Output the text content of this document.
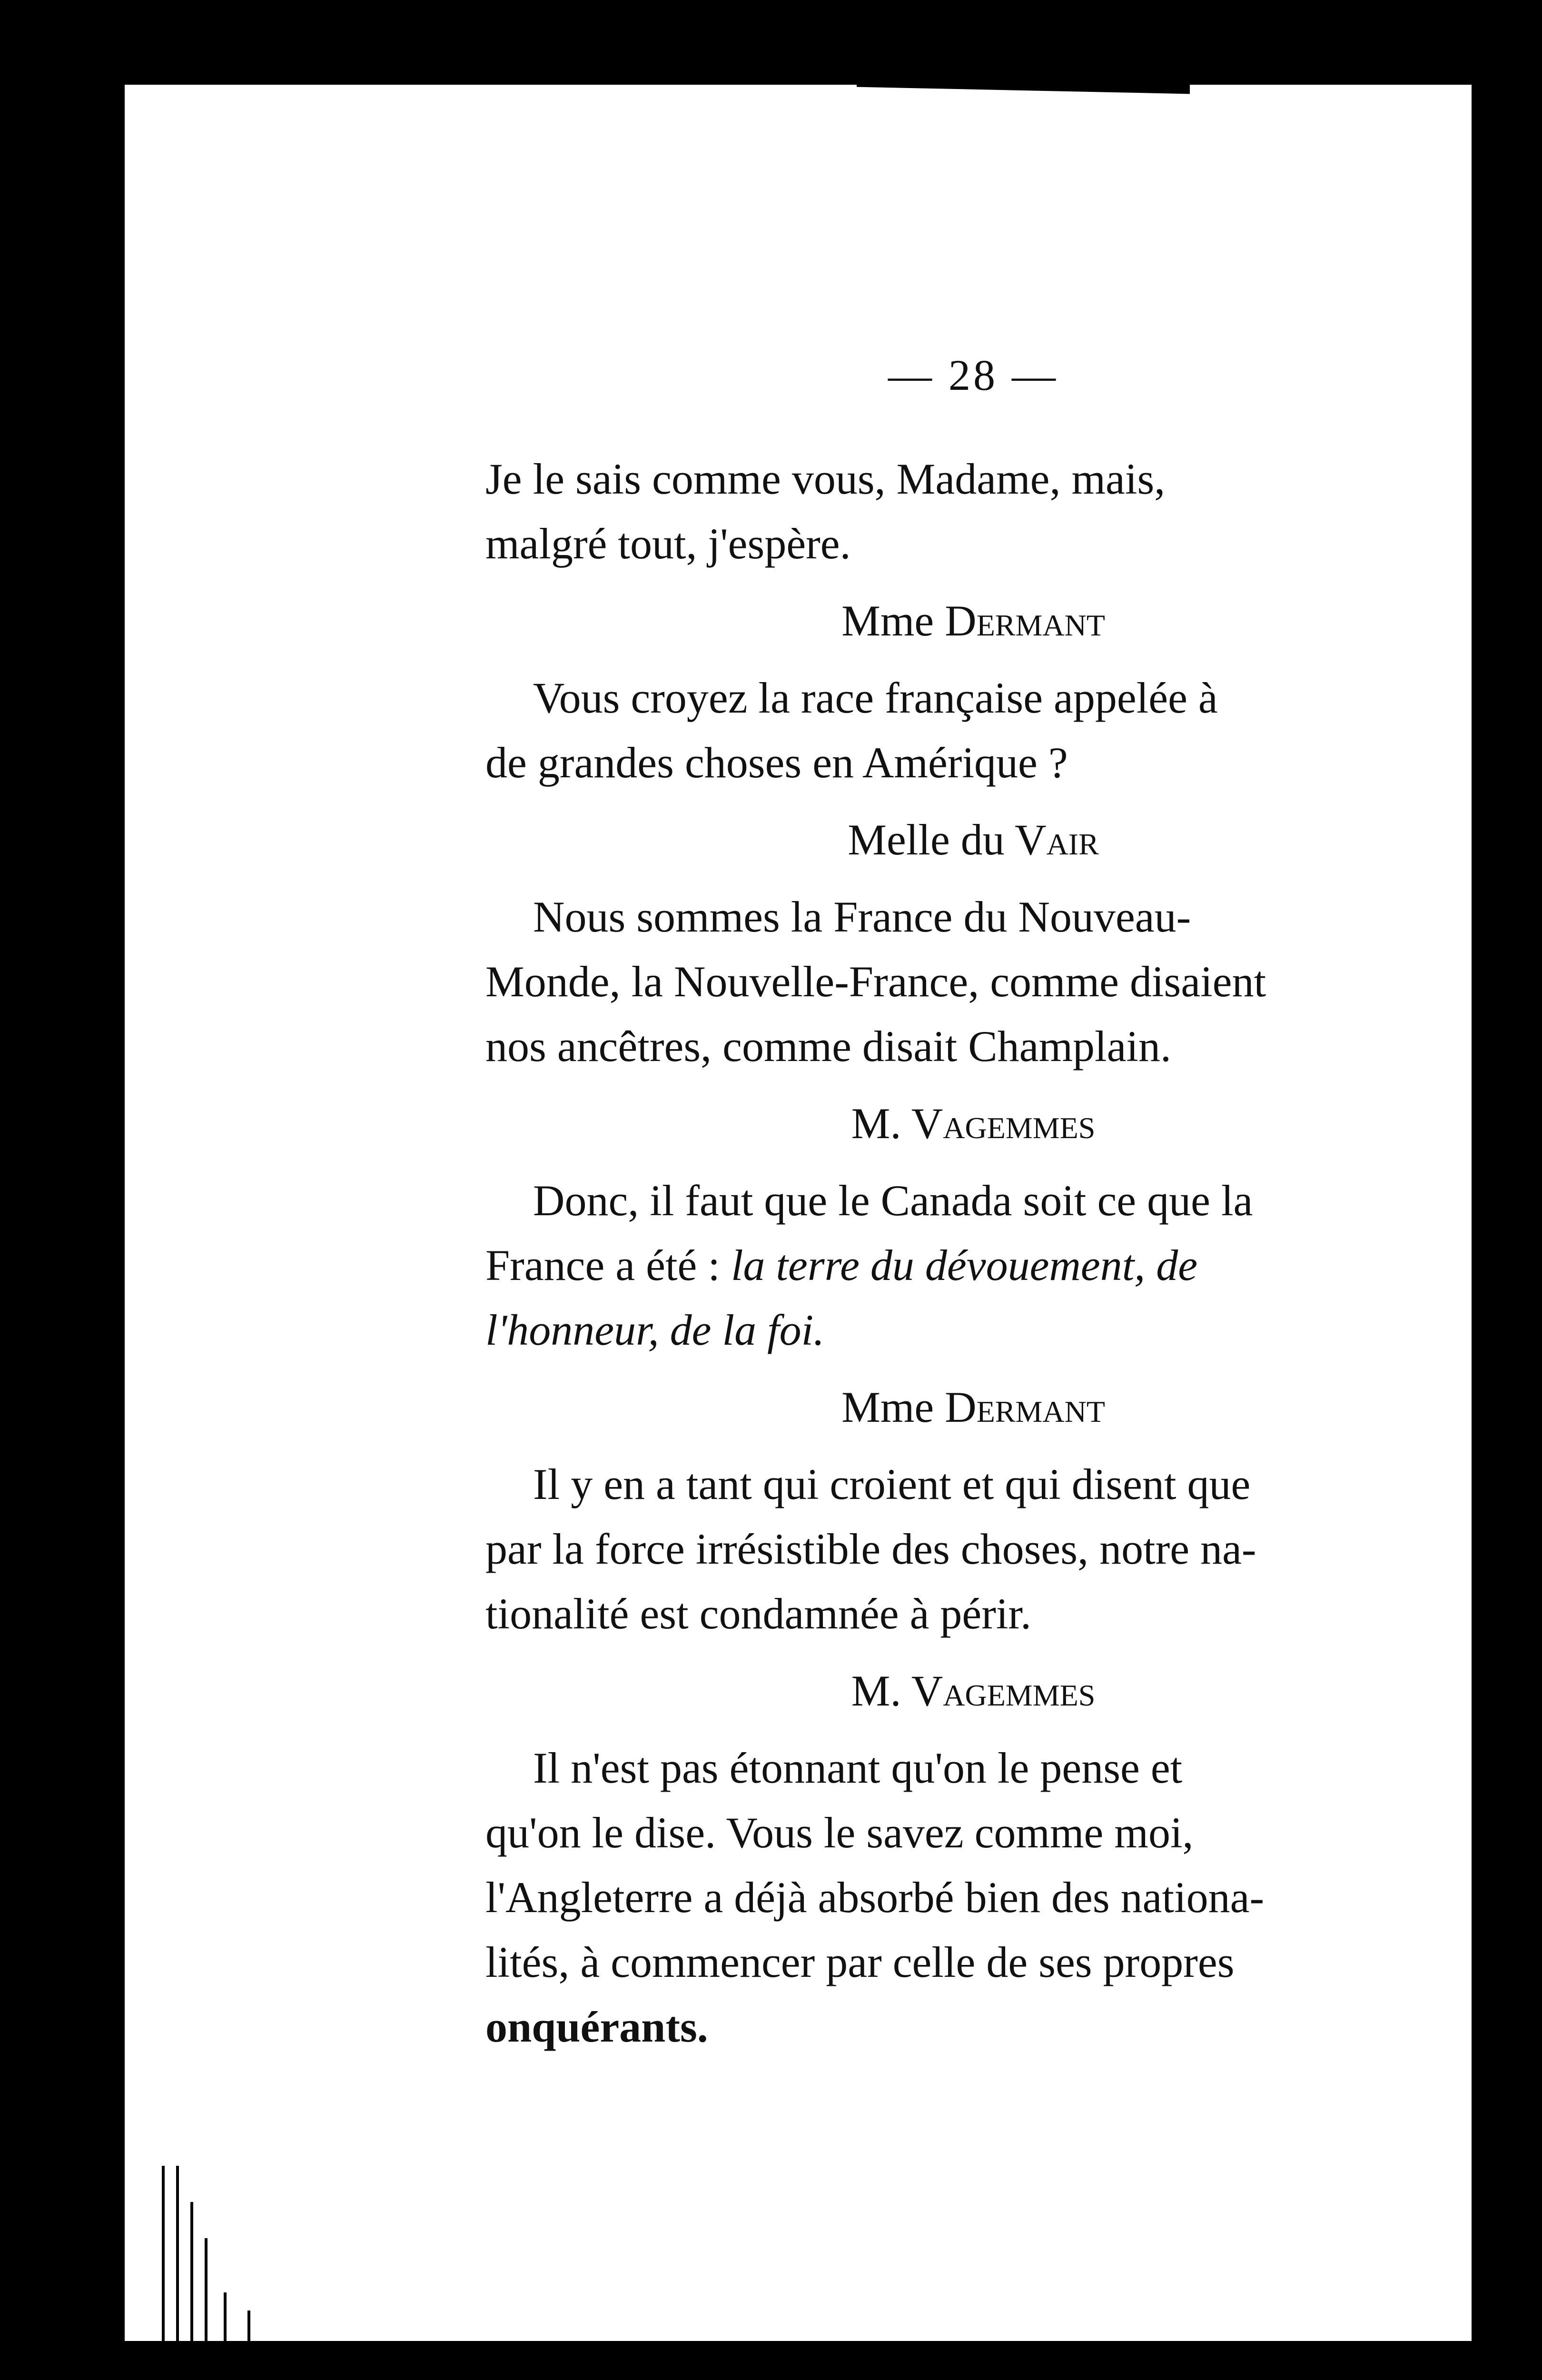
— 28 —

Je le sais comme vous, Madame, mais,

malgré tout, j'espère.

Mme Dermant

Vous croyez la race française appelée à

de grandes choses en Amérique ?

Melle du Vair

Nous sommes la France du Nouveau-

Monde, la Nouvelle-France, comme disaient

nos ancêtres, comme disait Champlain.

M. Vagemmes

Donc, il faut que le Canada soit ce que la

France a été : la terre du dévouement, de

l'honneur, de la foi.

Mme Dermant

Il y en a tant qui croient et qui disent que

par la force irrésistible des choses, notre na-

tionalité est condamnée à périr.

M. Vagemmes

Il n'est pas étonnant qu'on le pense et

qu'on le dise. Vous le savez comme moi,

l'Angleterre a déjà absorbé bien des nationa-

lités, à commencer par celle de ses propres

onquérants.
